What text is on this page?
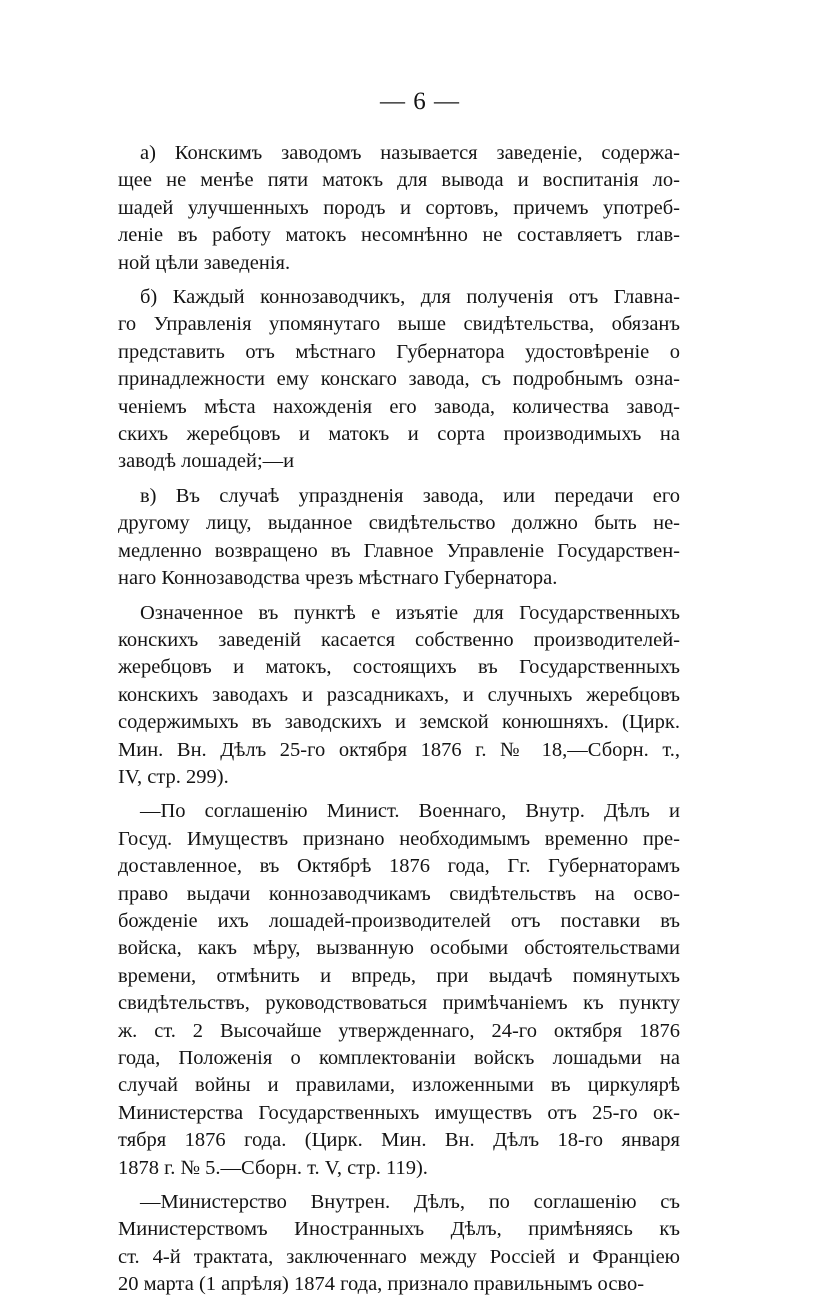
— 6 —

а) Конскимъ заводомъ называется заведенiе, содержа-
щее не менѣе пяти матокъ для вывода и воспитанiя ло-
шадей улучшенныхъ породъ и сортовъ, причемъ употреб-
ленiе въ работу матокъ несомнѣнно не составляетъ глав-
ной цѣли заведенiя.

б) Каждый коннозаводчикъ, для полученiя отъ Главна-
го Управленiя упомянутаго выше свидѣтельства, обязанъ
представить отъ мѣстнаго Губернатора удостовѣренiе о
принадлежности ему конскаго завода, съ подробнымъ озна-
ченiемъ мѣста нахожденiя его завода, количества завод-
скихъ жеребцовъ и матокъ и сорта производимыхъ на
заводѣ лошадей;—и

в) Въ случаѣ упраздненiя завода, или передачи его
другому лицу, выданное свидѣтельство должно быть не-
медленно возвращено въ Главное Управленiе Государствен-
наго Коннозаводства чрезъ мѣстнаго Губернатора.

Означенное въ пунктѣ е изъятiе для Государственныхъ
конскихъ заведенiй касается собственно производителей-
жеребцовъ и матокъ, состоящихъ въ Государственныхъ
конскихъ заводахъ и разсадникахъ, и случныхъ жеребцовъ
содержимыхъ въ заводскихъ и земской конюшняхъ. (Цирк.
Мин. Вн. Дѣлъ 25-го октября 1876 г. № 18,—Сборн. т.,
IV, стр. 299).

—По соглашенiю Минист. Военнаго, Внутр. Дѣлъ и
Госуд. Имуществъ признано необходимымъ временно пре-
доставленное, въ Октябрѣ 1876 года, Гг. Губернаторамъ
право выдачи коннозаводчикамъ свидѣтельствъ на осво-
божденiе ихъ лошадей-производителей отъ поставки въ
войска, какъ мѣру, вызванную особыми обстоятельствами
времени, отмѣнить и впредь, при выдачѣ помянутыхъ
свидѣтельствъ, руководствоваться примѣчанiемъ къ пункту
ж. ст. 2 Высочайше утвержденнаго, 24-го октября 1876
года, Положенiя о комплектованiи войскъ лошадьми на
случай войны и правилами, изложенными въ циркулярѣ
Министерства Государственныхъ имуществъ отъ 25-го ок-
тября 1876 года. (Цирк. Мин. Вн. Дѣлъ 18-го января
1878 г. № 5.—Сборн. т. V, стр. 119).

—Министерство Внутрен. Дѣлъ, по соглашенiю съ
Министерствомъ Иностранныхъ Дѣлъ, примѣняясь къ
ст. 4-й трактата, заключеннаго между Россiей и Францiею
20 марта (1 апрѣля) 1874 года, признало правильнымъ осво-
